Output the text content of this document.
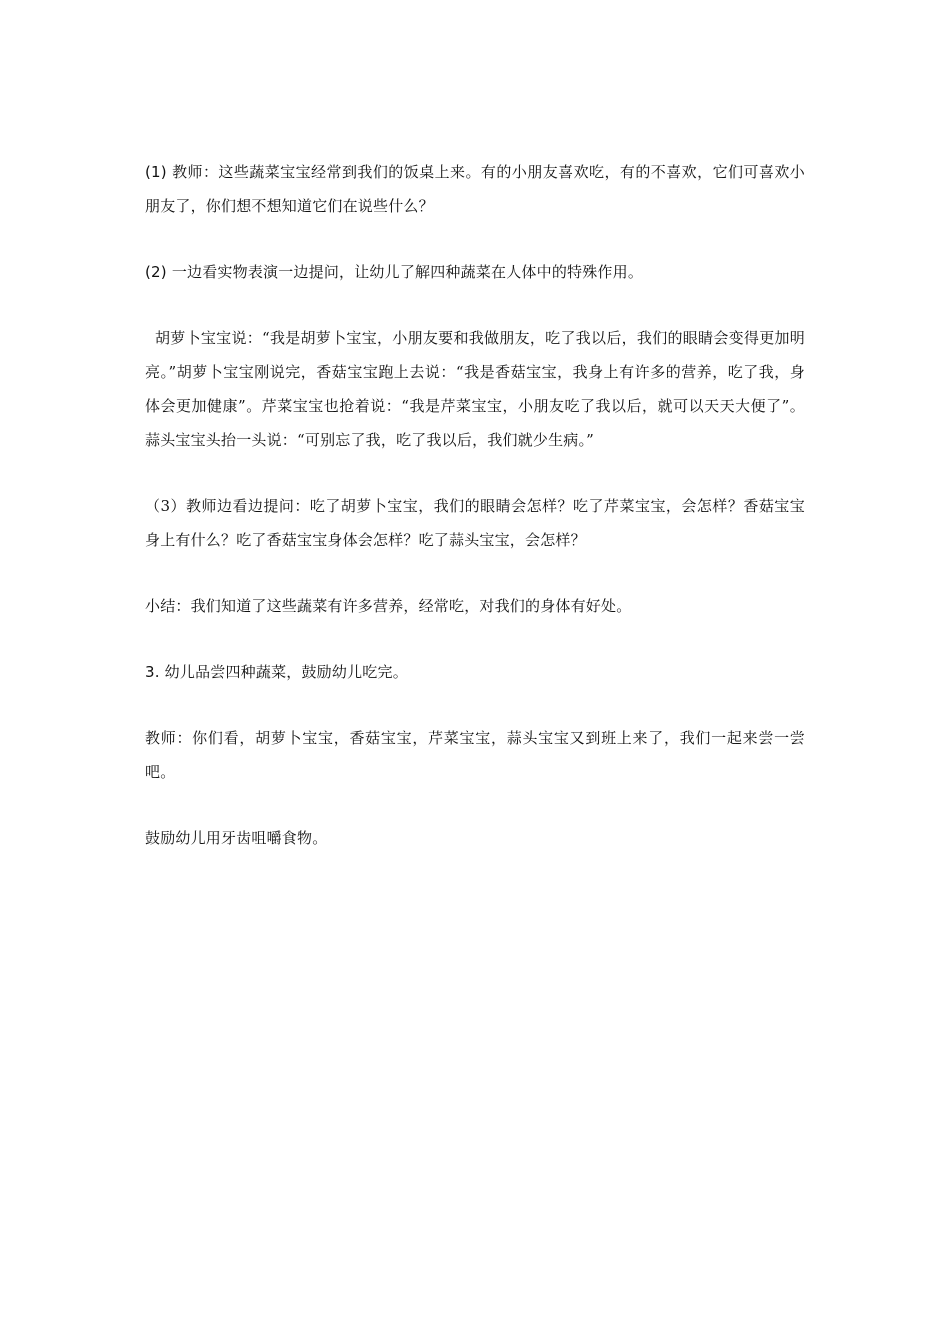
(1) 教师：这些蔬菜宝宝经常到我们的饭桌上来。有的小朋友喜欢吃，有的不喜欢，它们可喜欢小朋友了，你们想不想知道它们在说些什么？

(2) 一边看实物表演一边提问，让幼儿了解四种蔬菜在人体中的特殊作用。

胡萝卜宝宝说：“我是胡萝卜宝宝，小朋友要和我做朋友，吃了我以后，我们的眼睛会变得更加明亮。”胡萝卜宝宝刚说完，香菇宝宝跑上去说：“我是香菇宝宝，我身上有许多的营养，吃了我，身体会更加健康”。芹菜宝宝也抢着说：“我是芹菜宝宝，小朋友吃了我以后，就可以天天大便了”。蒜头宝宝头抬一头说：“可别忘了我，吃了我以后，我们就少生病。”

（3）教师边看边提问：吃了胡萝卜宝宝，我们的眼睛会怎样？吃了芹菜宝宝，会怎样？香菇宝宝身上有什么？吃了香菇宝宝身体会怎样？吃了蒜头宝宝，会怎样？

小结：我们知道了这些蔬菜有许多营养，经常吃，对我们的身体有好处。

3. 幼儿品尝四种蔬菜，鼓励幼儿吃完。

教师：你们看，胡萝卜宝宝，香菇宝宝，芹菜宝宝，蒜头宝宝又到班上来了，我们一起来尝一尝吧。

鼓励幼儿用牙齿咀嚼食物。
